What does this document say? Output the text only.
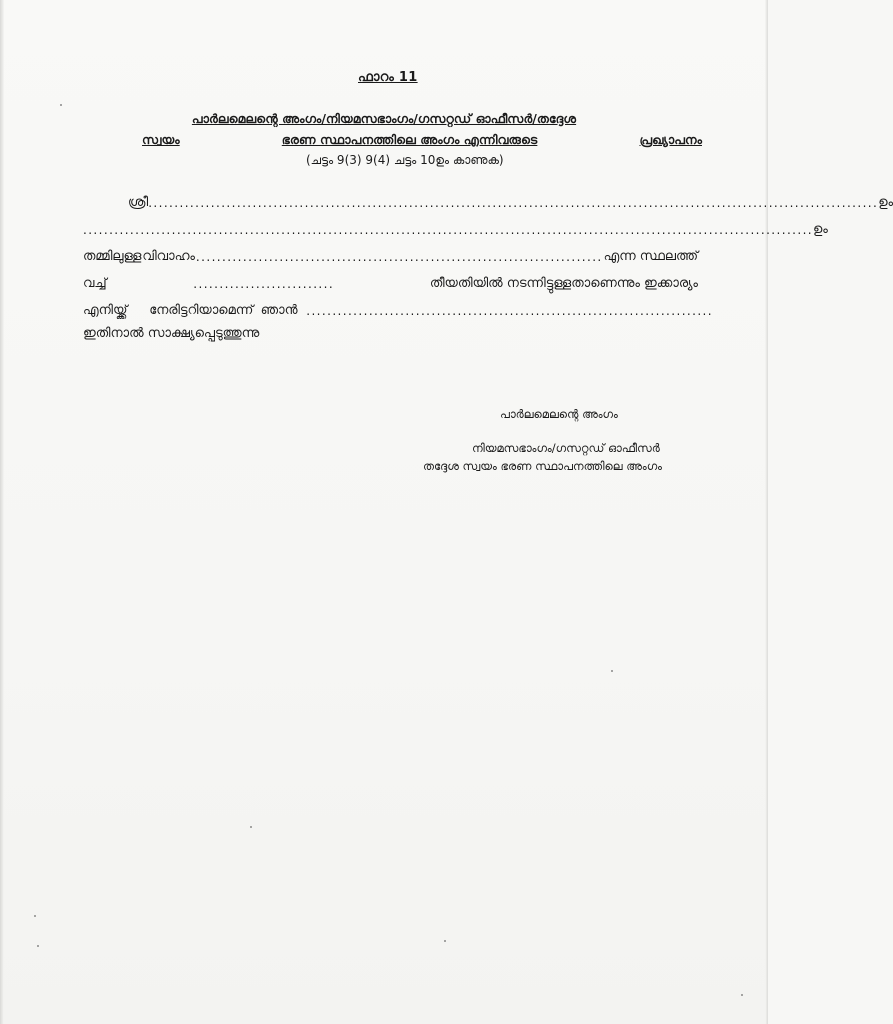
ഫാറം 11
പാർലമെലന്റെ അംഗം/നിയമസഭാംഗം/ഗസറ്റഡ് ഓഫീസർ/തദ്ദേശ
സ്വയം	ഭരണ സ്ഥാപനത്തിലെ അംഗം എന്നിവരുടെ	പ്രഖ്യാപനം
(ചട്ടം 9(3) 9(4) ചട്ടം 10ഉം കാണുക)
ശ്രീ ............................................................................................................................................ ഉം
............................................................................................................................................ ഉം
തമ്മിലുള്ള വിവാഹം .............................................................................. എന്ന സ്ഥലത്ത്
വച്ച്	...........................	തീയതിയിൽ നടന്നിട്ടുള്ളതാണെന്നും ഇക്കാര്യം
എനിയ്ക്ക് നേരിട്ടറിയാമെന്ന് ഞാൻ ..............................................................................
ഇതിനാൽ സാക്ഷ്യപ്പെടുത്തുന്നു
പാർലമെലന്റെ അംഗം
നിയമസഭാംഗം/ഗസറ്റഡ് ഓഫീസർ
തദ്ദേശ സ്വയം ഭരണ സ്ഥാപനത്തിലെ അംഗം
